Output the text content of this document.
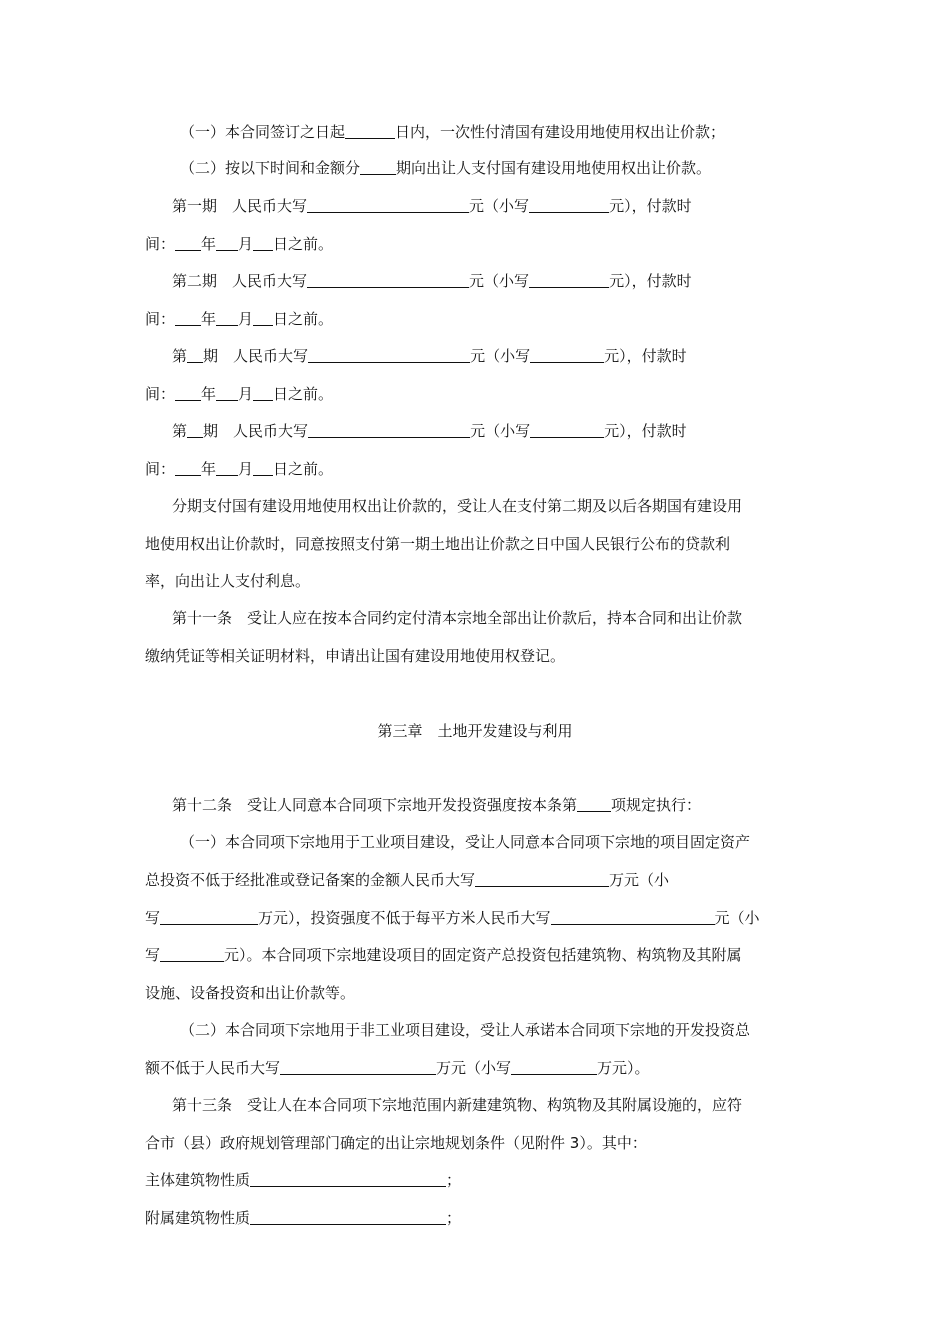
（一）本合同签订之日起	日内，一次性付清国有建设用地使用权出让价款；
（二）按以下时间和金额分 期向出让人支付国有建设用地使用权出让价款。
第一期　 人民币大写	元（小写	元），付款时
间： 年 月 日之前。
第二期　 人民币大写	元（小写	元），付款时
间： 年 月 日之前。
第 期　 人民币大写	元（小写	元），付款时
间： 年 月 日之前。
第 期　 人民币大写	元（小写	元），付款时
间： 年 月 日之前。
分期支付国有建设用地使用权出让价款的，受让人在支付第二期及以后各期国有建设用
地使用权出让价款时，同意按照支付第一期土地出让价款之日中国人民银行公布的贷款利
率，向出让人支付利息。
第十一条　受让人应在按本合同约定付清本宗地全部出让价款后，持本合同和出让价款
缴纳凭证等相关证明材料，申请出让国有建设用地使用权登记。
第三章　土地开发建设与利用
第十二条　受让人同意本合同项下宗地开发投资强度按本条第 项规定执行：
（一）本合同项下宗地用于工业项目建设，受让人同意本合同项下宗地的项目固定资产
总投资不低于经批准或登记备案的金额人民币大写	万元（小
写	万元），投资强度不低于每平方米人民币大写	元（小
写	元）。本合同项下宗地建设项目的固定资产总投资包括建筑物、构筑物及其附属
设施、设备投资和出让价款等。
（二）本合同项下宗地用于非工业项目建设，受让人承诺本合同项下宗地的开发投资总
额不低于人民币大写	万元（小写	万元）。
第十三条　受让人在本合同项下宗地范围内新建建筑物、构筑物及其附属设施的，应符
合市（县）政府规划管理部门确定的出让宗地规划条件（见附件 3）。其中：
主体建筑物性质	；
附属建筑物性质	；
